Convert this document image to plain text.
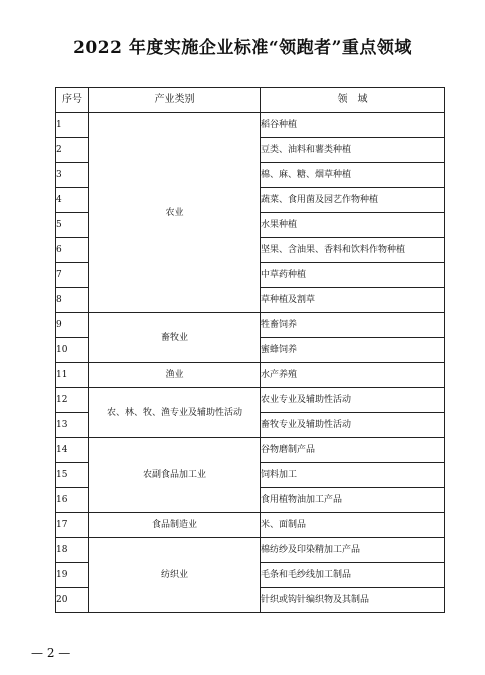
2022 年度实施企业标准“领跑者”重点领域
序号	产业类别	领　域
1	农业	稻谷种植
2		豆类、油料和薯类种植
3		棉、麻、糖、烟草种植
4		蔬菜、食用菌及园艺作物种植
5		水果种植
6		坚果、含油果、香料和饮料作物种植
7		中草药种植
8		草种植及割草
9	畜牧业	牲畜饲养
10		蜜蜂饲养
11	渔业	水产养殖
12	农、林、牧、渔专业及辅助性活动	农业专业及辅助性活动
13		畜牧专业及辅助性活动
14	农副食品加工业	谷物磨制产品
15		饲料加工
16		食用植物油加工产品
17	食品制造业	米、面制品
18	纺织业	棉纺纱及印染精加工产品
19		毛条和毛纱线加工制品
20		针织或钩针编织物及其制品
— 2 —
